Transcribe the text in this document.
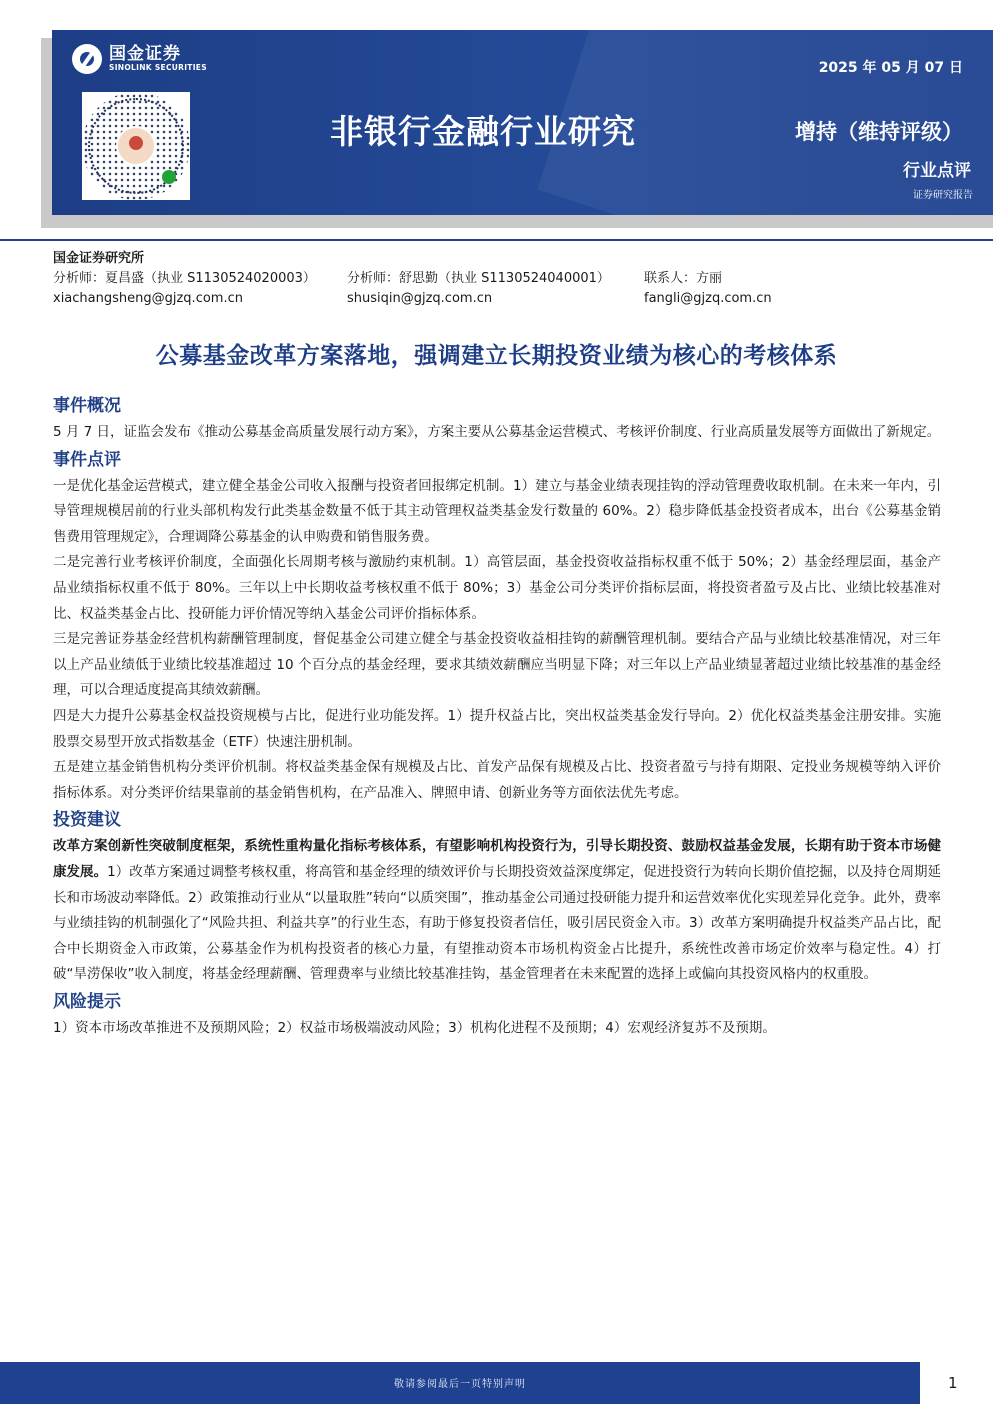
国金证券
SINOLINK SECURITIES	2025 年 05 月 07 日
非银行金融行业研究	增持（维持评级）
行业点评
证券研究报告
国金证券研究所
分析师：夏昌盛（执业 S1130524020003） 分析师：舒思勤（执业 S1130524040001）	联系人：方丽
xiachangsheng@gjzq.com.cn	shusiqin@gjzq.com.cn	fangli@gjzq.com.cn
公募基金改革方案落地，强调建立长期投资业绩为核心的考核体系
事件概况

5 月 7 日，证监会发布《推动公募基金高质量发展行动方案》，方案主要从公募基金运营模式、考核评价制度、行业高质量发展等方面做出了新规定。

事件点评

一是优化基金运营模式，建立健全基金公司收入报酬与投资者回报绑定机制。1）建立与基金业绩表现挂钩的浮动管理费收取机制。在未来一年内，引导管理规模居前的行业头部机构发行此类基金数量不低于其主动管理权益类基金发行数量的 60%。2）稳步降低基金投资者成本，出台《公募基金销售费用管理规定》，合理调降公募基金的认申购费和销售服务费。

二是完善行业考核评价制度，全面强化长周期考核与激励约束机制。1）高管层面，基金投资收益指标权重不低于 50%；2）基金经理层面，基金产品业绩指标权重不低于 80%。三年以上中长期收益考核权重不低于 80%；3）基金公司分类评价指标层面，将投资者盈亏及占比、业绩比较基准对比、权益类基金占比、投研能力评价情况等纳入基金公司评价指标体系。

三是完善证券基金经营机构薪酬管理制度，督促基金公司建立健全与基金投资收益相挂钩的薪酬管理机制。要结合产品与业绩比较基准情况，对三年以上产品业绩低于业绩比较基准超过 10 个百分点的基金经理，要求其绩效薪酬应当明显下降；对三年以上产品业绩显著超过业绩比较基准的基金经理，可以合理适度提高其绩效薪酬。

四是大力提升公募基金权益投资规模与占比，促进行业功能发挥。1）提升权益占比，突出权益类基金发行导向。2）优化权益类基金注册安排。实施股票交易型开放式指数基金（ETF）快速注册机制。

五是建立基金销售机构分类评价机制。将权益类基金保有规模及占比、首发产品保有规模及占比、投资者盈亏与持有期限、定投业务规模等纳入评价指标体系。对分类评价结果靠前的基金销售机构，在产品准入、牌照申请、创新业务等方面依法优先考虑。

投资建议

改革方案创新性突破制度框架，系统性重构量化指标考核体系，有望影响机构投资行为，引导长期投资、鼓励权益基金发展，长期有助于资本市场健康发展。1）改革方案通过调整考核权重，将高管和基金经理的绩效评价与长期投资效益深度绑定，促进投资行为转向长期价值挖掘，以及持仓周期延长和市场波动率降低。2）政策推动行业从“以量取胜”转向“以质突围”，推动基金公司通过投研能力提升和运营效率优化实现差异化竞争。此外，费率与业绩挂钩的机制强化了“风险共担、利益共享”的行业生态，有助于修复投资者信任，吸引居民资金入市。3）改革方案明确提升权益类产品占比，配合中长期资金入市政策，公募基金作为机构投资者的核心力量，有望推动资本市场机构资金占比提升，系统性改善市场定价效率与稳定性。4）打破“旱涝保收”收入制度，将基金经理薪酬、管理费率与业绩比较基准挂钩，基金管理者在未来配置的选择上或偏向其投资风格内的权重股。

风险提示

1）资本市场改革推进不及预期风险；2）权益市场极端波动风险；3）机构化进程不及预期；4）宏观经济复苏不及预期。

敬请参阅最后一页特别声明	1
